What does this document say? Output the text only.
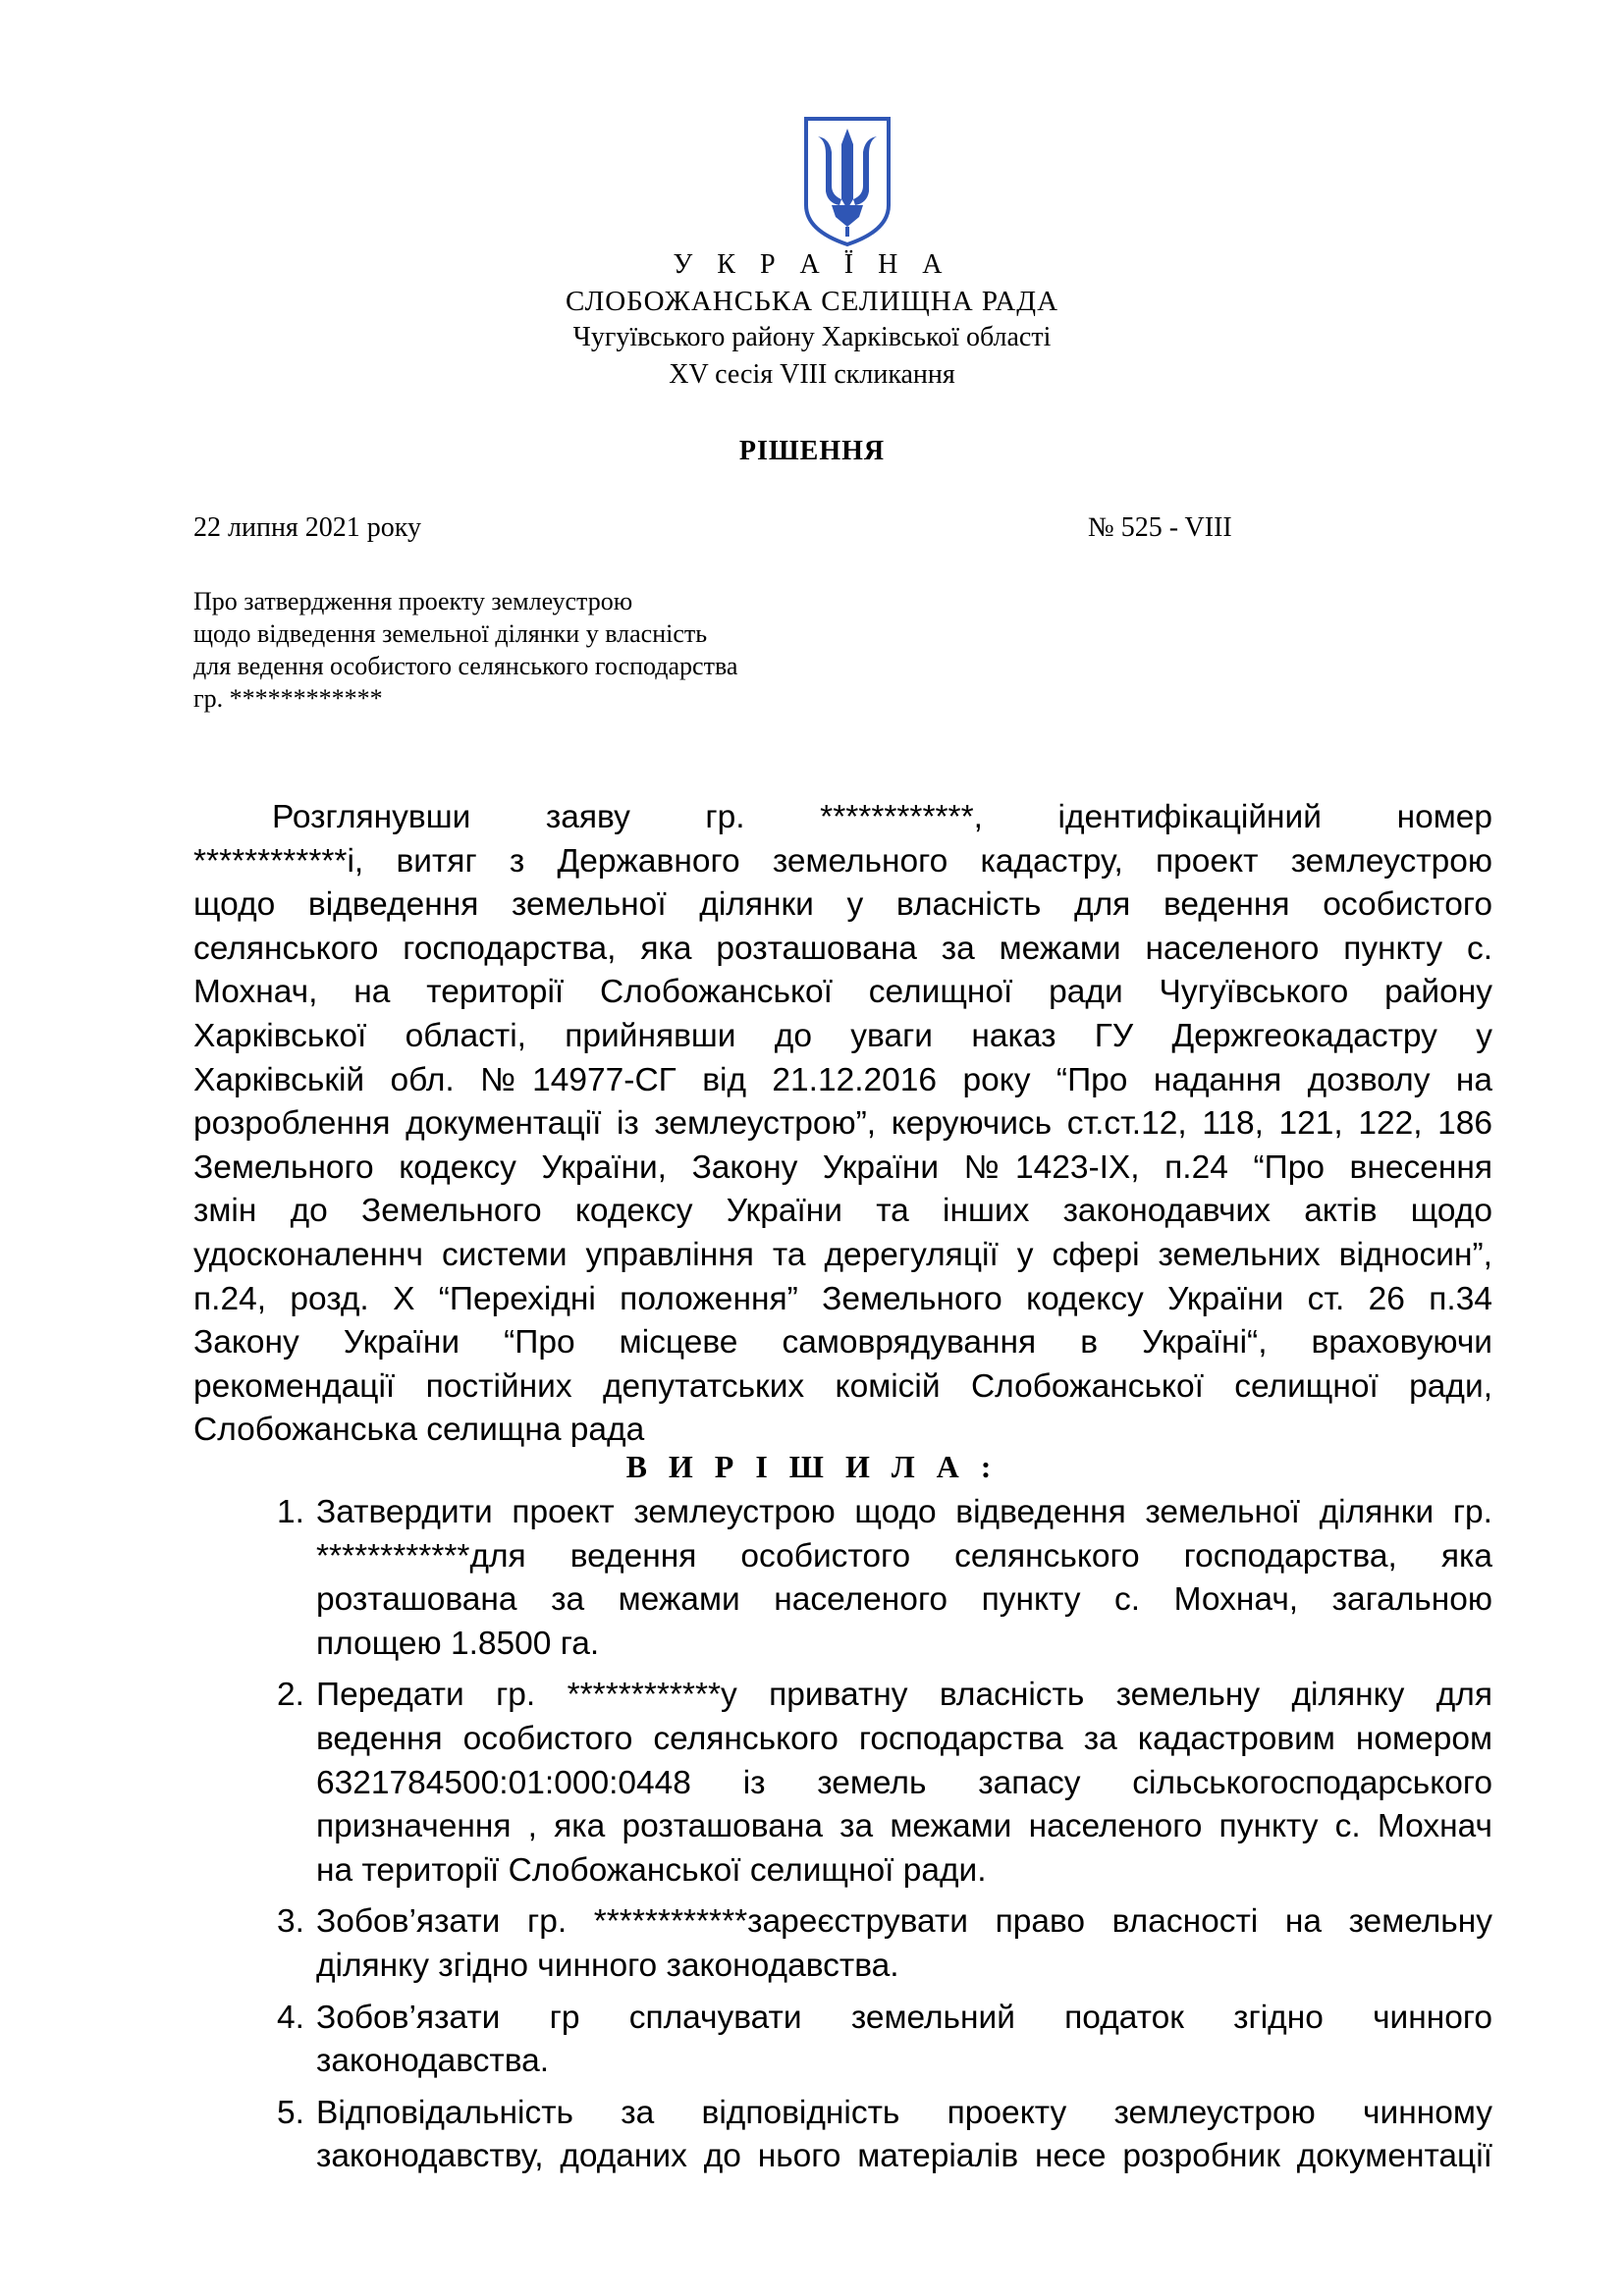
У К Р А Ї Н А
СЛОБОЖАНСЬКА СЕЛИЩНА РАДА
Чугуївського району Харківської області
XV сесія VIII скликання
РІШЕННЯ
22 липня 2021 року	№ 525 - VIII
Про затвердження проекту землеустрою
щодо відведення земельної ділянки у власність
для ведення особистого селянського господарства
гр. ************
Розглянувши заяву гр. ************, ідентифікаційний номер
************і, витяг з Державного земельного кадастру, проект землеустрою
щодо відведення земельної ділянки у власність для ведення особистого
селянського господарства, яка розташована за межами населеного пункту с.
Мохнач, на території Слобожанської селищної ради Чугуївського району
Харківської області, прийнявши до уваги наказ ГУ Держгеокадастру у
Харківській обл. №14977-СГ від 21.12.2016 року “Про надання дозволу на
розроблення документації із землеустрою”, керуючись ст.ст.12, 118, 121, 122, 186
Земельного кодексу України, Закону України №1423-IX, п.24 “Про внесення
змін до Земельного кодексу України та інших законодавчих актів щодо
удосконаленнч системи управління та дерегуляції у сфері земельних відносин”,
п.24, розд. Х “Перехідні положення” Земельного кодексу України ст. 26 п.34
Закону України “Про місцеве самоврядування в Україні“, враховуючи
рекомендації постійних депутатських комісій Слобожанської селищної ради,
Слобожанська селищна рада
В И Р І Ш И Л А :
1. Затвердити проект землеустрою щодо відведення земельної ділянки гр.
************для ведення особистого селянського господарства, яка
розташована за межами населеного пункту с. Мохнач, загальною
площею 1.8500 га.
2. Передати гр. ************у приватну власність земельну ділянку для
ведення особистого селянського господарства за кадастровим номером
6321784500:01:000:0448 із земель запасу сільськогосподарського
призначення , яка розташована за межами населеного пункту с. Мохнач
на території Слобожанської селищної ради.
3. Зобов’язати гр. ************зареєструвати право власності на земельну
ділянку згідно чинного законодавства.
4. Зобов’язати гр сплачувати земельний податок згідно чинного
законодавства.
5. Відповідальність за відповідність проекту землеустрою чинному
законодавству, доданих до нього матеріалів несе розробник документації
